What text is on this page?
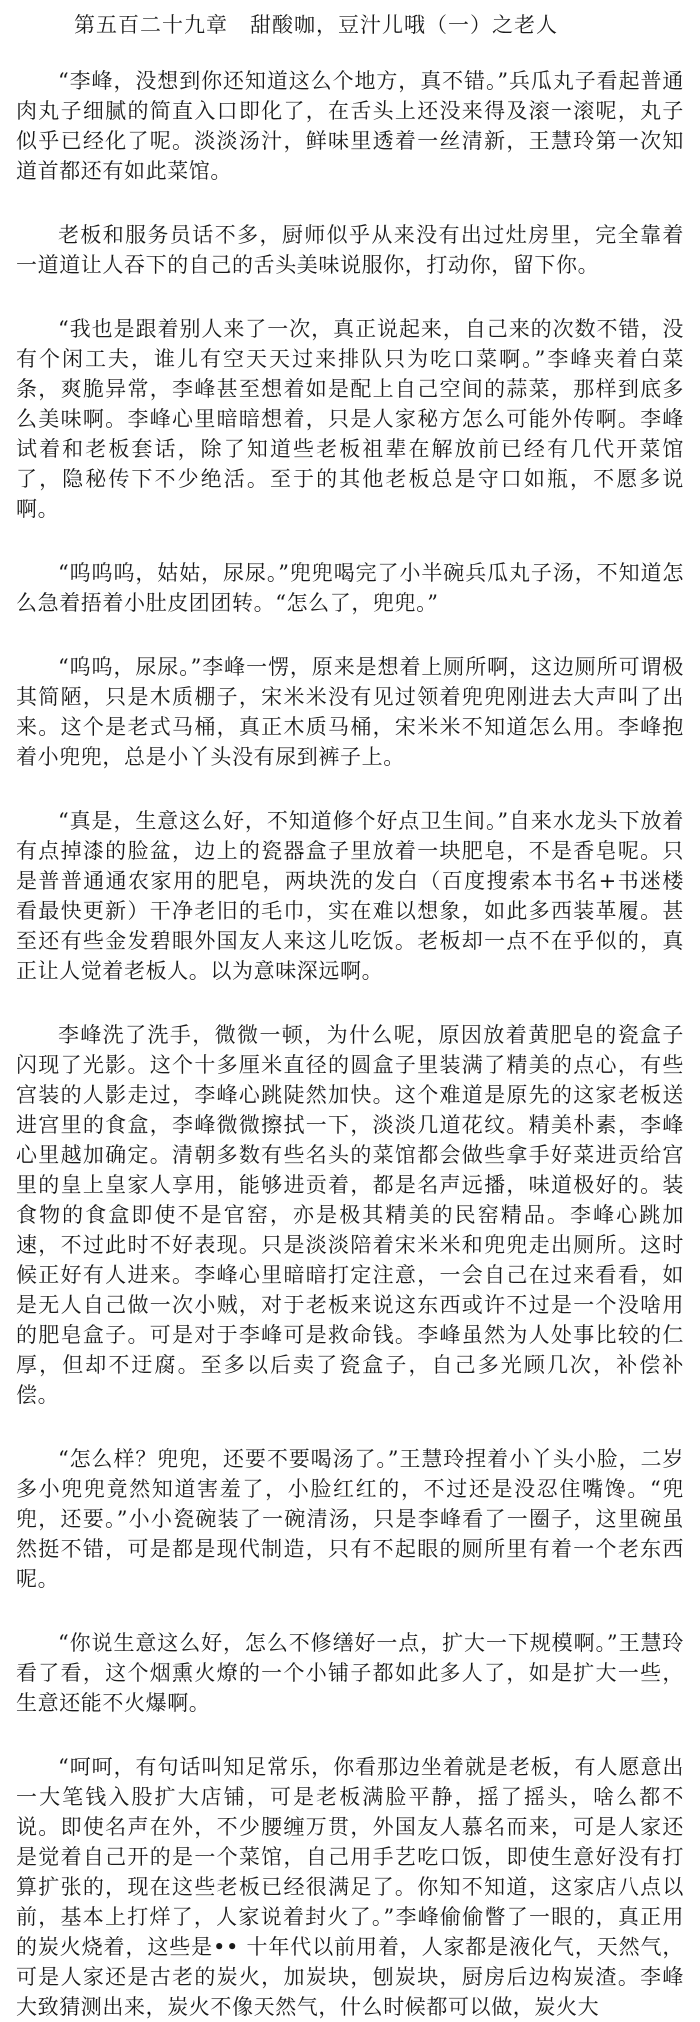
第五百二十九章　甜酸咖，豆汁儿哦（一）之老人

“李峰，没想到你还知道这么个地方，真不错。”兵瓜丸子看起普通肉丸子细腻的简直入口即化了，在舌头上还没来得及滚一滚呢，丸子似乎已经化了呢。淡淡汤汁，鲜味里透着一丝清新，王慧玲第一次知道首都还有如此菜馆。

老板和服务员话不多，厨师似乎从来没有出过灶房里，完全靠着一道道让人吞下的自己的舌头美味说服你，打动你，留下你。

“我也是跟着别人来了一次，真正说起来，自己来的次数不错，没有个闲工夫，谁儿有空天天过来排队只为吃口菜啊。”李峰夹着白菜条，爽脆异常，李峰甚至想着如是配上自己空间的蒜菜，那样到底多么美味啊。李峰心里暗暗想着，只是人家秘方怎么可能外传啊。李峰试着和老板套话，除了知道些老板祖辈在解放前已经有几代开菜馆了，隐秘传下不少绝活。至于的其他老板总是守口如瓶，不愿多说啊。

“呜呜呜，姑姑，尿尿。”兜兜喝完了小半碗兵瓜丸子汤，不知道怎么急着捂着小肚皮团团转。“怎么了，兜兜。”

“呜呜，尿尿。”李峰一愣，原来是想着上厕所啊，这边厕所可谓极其简陋，只是木质棚子，宋米米没有见过领着兜兜刚进去大声叫了出来。这个是老式马桶，真正木质马桶，宋米米不知道怎么用。李峰抱着小兜兜，总是小丫头没有尿到裤子上。

“真是，生意这么好，不知道修个好点卫生间。”自来水龙头下放着有点掉漆的脸盆，边上的瓷器盒子里放着一块肥皂，不是香皂呢。只是普普通通农家用的肥皂，两块洗的发白（百度搜索本书名+书迷楼 看最快更新）干净老旧的毛巾，实在难以想象，如此多西装革履。甚至还有些金发碧眼外国友人来这儿吃饭。老板却一点不在乎似的，真正让人觉着老板人。以为意味深远啊。

李峰洗了洗手，微微一顿，为什么呢，原因放着黄肥皂的瓷盒子闪现了光影。这个十多厘米直径的圆盒子里装满了精美的点心，有些宫装的人影走过，李峰心跳陡然加快。这个难道是原先的这家老板送进宫里的食盒，李峰微微擦拭一下，淡淡几道花纹。精美朴素，李峰心里越加确定。清朝多数有些名头的菜馆都会做些拿手好菜进贡给宫里的皇上皇家人享用，能够进贡着，都是名声远播，味道极好的。装食物的食盒即使不是官窑，亦是极其精美的民窑精品。李峰心跳加速，不过此时不好表现。只是淡淡陪着宋米米和兜兜走出厕所。这时候正好有人进来。李峰心里暗暗打定注意，一会自己在过来看看，如是无人自己做一次小贼，对于老板来说这东西或许不过是一个没啥用的肥皂盒子。可是对于李峰可是救命钱。李峰虽然为人处事比较的仁厚，但却不迂腐。至多以后卖了瓷盒子，自己多光顾几次，补偿补偿。

“怎么样？兜兜，还要不要喝汤了。”王慧玲捏着小丫头小脸，二岁多小兜兜竟然知道害羞了，小脸红红的，不过还是没忍住嘴馋。“兜兜，还要。”小小瓷碗装了一碗清汤，只是李峰看了一圈子，这里碗虽然挺不错，可是都是现代制造，只有不起眼的厕所里有着一个老东西呢。

“你说生意这么好，怎么不修缮好一点，扩大一下规模啊。”王慧玲看了看，这个烟熏火燎的一个小铺子都如此多人了，如是扩大一些，生意还能不火爆啊。

“呵呵，有句话叫知足常乐，你看那边坐着就是老板，有人愿意出一大笔钱入股扩大店铺，可是老板满脸平静，摇了摇头，啥么都不说。即使名声在外，不少腰缠万贯，外国友人慕名而来，可是人家还是觉着自己开的是一个菜馆，自己用手艺吃口饭，即使生意好没有打算扩张的，现在这些老板已经很满足了。你知不知道，这家店八点以前，基本上打烊了，人家说着封火了。”李峰偷偷瞥了一眼的，真正用的炭火烧着，这些是•• 十年代以前用着，人家都是液化气，天然气，可是人家还是古老的炭火，加炭块，刨炭块，厨房后边构炭渣。李峰大致猜测出来，炭火不像天然气，什么时候都可以做，炭火大
